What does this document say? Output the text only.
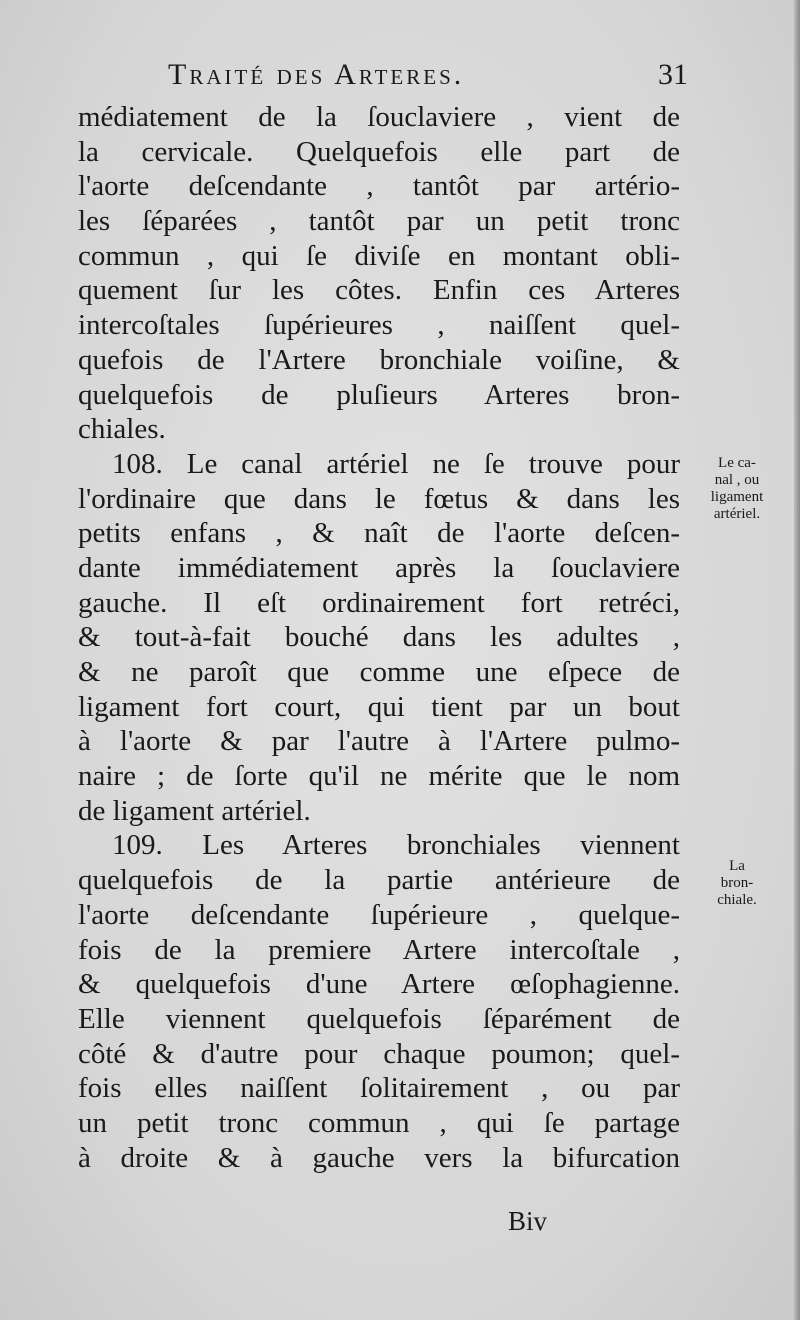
Traité des Arteres.	31
médiatement de la ſouclaviere , vient de
la cervicale. Quelquefois elle part de
l'aorte deſcendante , tantôt par artério-
les ſéparées , tantôt par un petit tronc
commun , qui ſe diviſe en montant obli-
quement ſur les côtes. Enfin ces Arteres
intercoſtales ſupérieures , naiſſent quel-
quefois de l'Artere bronchiale voiſine, &
quelquefois de pluſieurs Arteres bron-
chiales.
108. Le canal artériel ne ſe trouve pour
l'ordinaire que dans le fœtus & dans les
petits enfans , & naît de l'aorte deſcen-
dante immédiatement après la ſouclaviere
gauche. Il eſt ordinairement fort retréci,
& tout-à-fait bouché dans les adultes ,
& ne paroît que comme une eſpece de
ligament fort court, qui tient par un bout
à l'aorte & par l'autre à l'Artere pulmo-
naire ; de ſorte qu'il ne mérite que le nom
de ligament artériel.
109. Les Arteres bronchiales viennent
quelquefois de la partie antérieure de
l'aorte deſcendante ſupérieure , quelque-
fois de la premiere Artere intercoſtale ,
& quelquefois d'une Artere œſophagienne.
Elle viennent quelquefois ſéparément de
côté & d'autre pour chaque poumon; quel-
fois elles naiſſent ſolitairement , ou par
un petit tronc commun , qui ſe partage
à droite & à gauche vers la bifurcation
Le ca-
nal , ou
ligament
artériel.
La
bron-
chiale.
Biv
